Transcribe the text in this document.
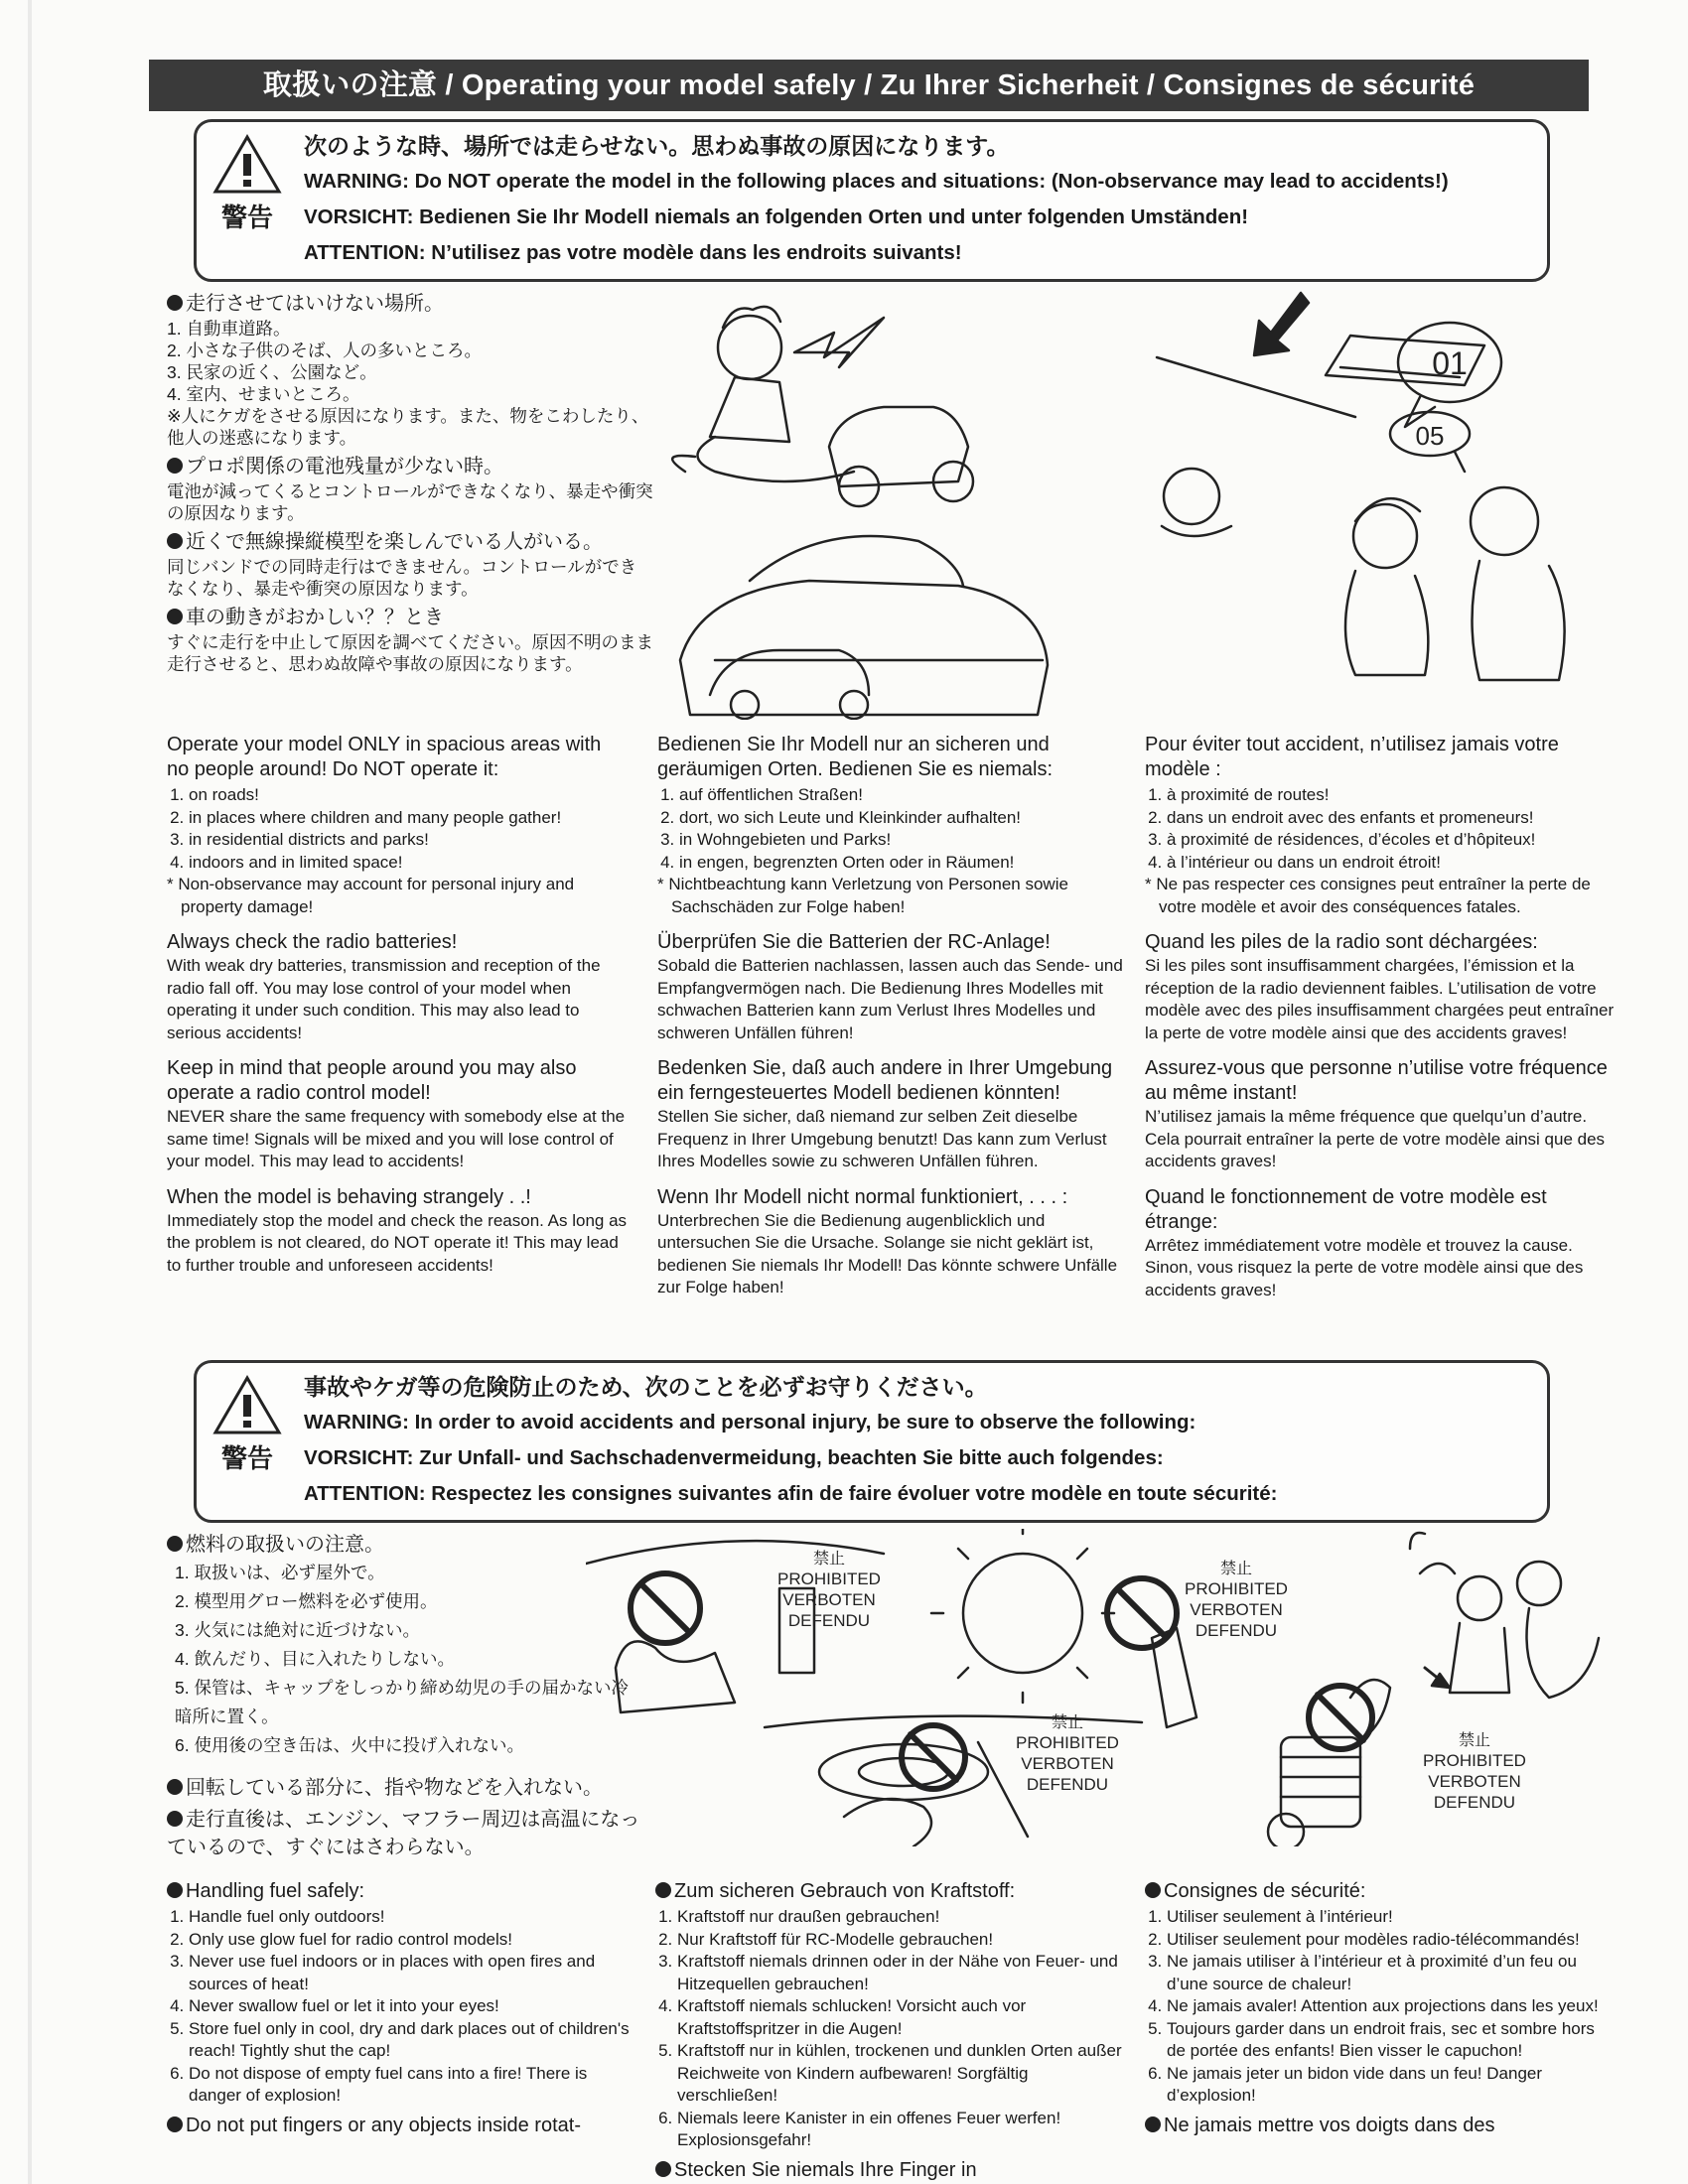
取扱いの注意 / Operating your model safely / Zu Ihrer Sicherheit / Consignes de sécurité
警告
次のような時、場所では走らせない。思わぬ事故の原因になります。
WARNING: Do NOT operate the model in the following places and situations: (Non-observance may lead to accidents!)
VORSICHT: Bedienen Sie Ihr Modell niemals an folgenden Orten und unter folgenden Umständen!
ATTENTION: N’utilisez pas votre modèle dans les endroits suivants!

走行させてはいけない場所。

1. 自動車道路。

2. 小さな子供のそば、人の多いところ。

3. 民家の近く、公園など。

4. 室内、せまいところ。

※人にケガをさせる原因になります。また、物をこわしたり、他人の迷惑になります。

プロポ関係の電池残量が少ない時。

電池が減ってくるとコントロールができなくなり、暴走や衝突の原因なります。

近くで無線操縦模型を楽しんでいる人がいる。

同じバンドでの同時走行はできません。コントロールができなくなり、暴走や衝突の原因なります。

車の動きがおかしい？？とき

すぐに走行を中止して原因を調べてください。原因不明のまま走行させると、思わぬ故障や事故の原因になります。

01
05

Operate your model ONLY in spacious areas with no people around! Do NOT operate it:

1. on roads!
2. in places where children and many people gather!
3. in residential districts and parks!
4. indoors and in limited space!

* Non-observance may account for personal injury and property damage!

Always check the radio batteries!

With weak dry batteries, transmission and reception of the radio fall off. You may lose control of your model when operating it under such condition. This may also lead to serious accidents!

Keep in mind that people around you may also operate a radio control model!

NEVER share the same frequency with somebody else at the same time! Signals will be mixed and you will lose control of your model. This may lead to accidents!

When the model is behaving strangely . .!

Immediately stop the model and check the reason. As long as the problem is not cleared, do NOT operate it! This may lead to further trouble and unforeseen accidents!

Bedienen Sie Ihr Modell nur an sicheren und geräumigen Orten. Bedienen Sie es niemals:

1. auf öffentlichen Straßen!
2. dort, wo sich Leute und Kleinkinder aufhalten!
3. in Wohngebieten und Parks!
4. in engen, begrenzten Orten oder in Räumen!

* Nichtbeachtung kann Verletzung von Personen sowie Sachschäden zur Folge haben!

Überprüfen Sie die Batterien der RC-Anlage!

Sobald die Batterien nachlassen, lassen auch das Sende- und Empfangvermögen nach. Die Bedienung Ihres Modelles mit schwachen Batterien kann zum Verlust Ihres Modelles und schweren Unfällen führen!

Bedenken Sie, daß auch andere in Ihrer Umgebung ein ferngesteuertes Modell bedienen könnten!

Stellen Sie sicher, daß niemand zur selben Zeit dieselbe Frequenz in Ihrer Umgebung benutzt! Das kann zum Verlust Ihres Modelles sowie zu schweren Unfällen führen.

Wenn Ihr Modell nicht normal funktioniert, . . . :

Unterbrechen Sie die Bedienung augenblicklich und untersuchen Sie die Ursache. Solange sie nicht geklärt ist, bedienen Sie niemals Ihr Modell! Das könnte schwere Unfälle zur Folge haben!

Pour éviter tout accident, n’utilisez jamais votre modèle :

1. à proximité de routes!
2. dans un endroit avec des enfants et promeneurs!
3. à proximité de résidences, d’écoles et d’hôpiteux!
4. à l’intérieur ou dans un endroit étroit!

* Ne pas respecter ces consignes peut entraîner la perte de votre modèle et avoir des conséquences fatales.

Quand les piles de la radio sont déchargées:

Si les piles sont insuffisamment chargées, l’émission et la réception de la radio deviennent faibles. L’utilisation de votre modèle avec des piles insuffisamment chargées peut entraîner la perte de votre modèle ainsi que des accidents graves!

Assurez-vous que personne n’utilise votre fréquence au même instant!

N’utilisez jamais la même fréquence que quelqu’un d’autre. Cela pourrait entraîner la perte de votre modèle ainsi que des accidents graves!

Quand le fonctionnement de votre modèle est étrange:

Arrêtez immédiatement votre modèle et trouvez la cause. Sinon, vous risquez la perte de votre modèle ainsi que des accidents graves!

警告
事故やケガ等の危険防止のため、次のことを必ずお守りください。
WARNING: In order to avoid accidents and personal injury, be sure to observe the following:
VORSICHT: Zur Unfall- und Sachschadenvermeidung, beachten Sie bitte auch folgendes:
ATTENTION: Respectez les consignes suivantes afin de faire évoluer votre modèle en toute sécurité:

燃料の取扱いの注意。

1. 取扱いは、必ず屋外で。

2. 模型用グロー燃料を必ず使用。

3. 火気には絶対に近づけない。

4. 飲んだり、目に入れたりしない。

5. 保管は、キャップをしっかり締め幼児の手の届かない冷暗所に置く。

6. 使用後の空き缶は、火中に投げ入れない。

回転している部分に、指や物などを入れない。

走行直後は、エンジン、マフラー周辺は高温になっているので、すぐにはさわらない。

禁止
PROHIBITED
VERBOTEN
DEFENDU
禁止
PROHIBITED
VERBOTEN
DEFENDU
禁止
PROHIBITED
VERBOTEN
DEFENDU
禁止
PROHIBITED
VERBOTEN
DEFENDU

Handling fuel safely:

1. Handle fuel only outdoors!
2. Only use glow fuel for radio control models!
3. Never use fuel indoors or in places with open fires and sources of heat!
4. Never swallow fuel or let it into your eyes!
5. Store fuel only in cool, dry and dark places out of children's reach! Tightly shut the cap!
6. Do not dispose of empty fuel cans into a fire! There is danger of explosion!

Do not put fingers or any objects inside rotat-

Zum sicheren Gebrauch von Kraftstoff:

1. Kraftstoff nur draußen gebrauchen!
2. Nur Kraftstoff für RC-Modelle gebrauchen!
3. Kraftstoff niemals drinnen oder in der Nähe von Feuer- und Hitzequellen gebrauchen!
4. Kraftstoff niemals schlucken! Vorsicht auch vor Kraftstoffspritzer in die Augen!
5. Kraftstoff nur in kühlen, trockenen und dunklen Orten außer Reichweite von Kindern aufbewaren! Sorgfältig verschließen!
6. Niemals leere Kanister in ein offenes Feuer werfen! Explosionsgefahr!

Stecken Sie niemals Ihre Finger in

Consignes de sécurité:

1. Utiliser seulement à l’intérieur!
2. Utiliser seulement pour modèles radio-télécommandés!
3. Ne jamais utiliser à l’intérieur et à proximité d’un feu ou d’une source de chaleur!
4. Ne jamais avaler! Attention aux projections dans les yeux!
5. Toujours garder dans un endroit frais, sec et sombre hors de portée des enfants! Bien visser le capuchon!
6. Ne jamais jeter un bidon vide dans un feu! Danger d’explosion!

Ne jamais mettre vos doigts dans des
